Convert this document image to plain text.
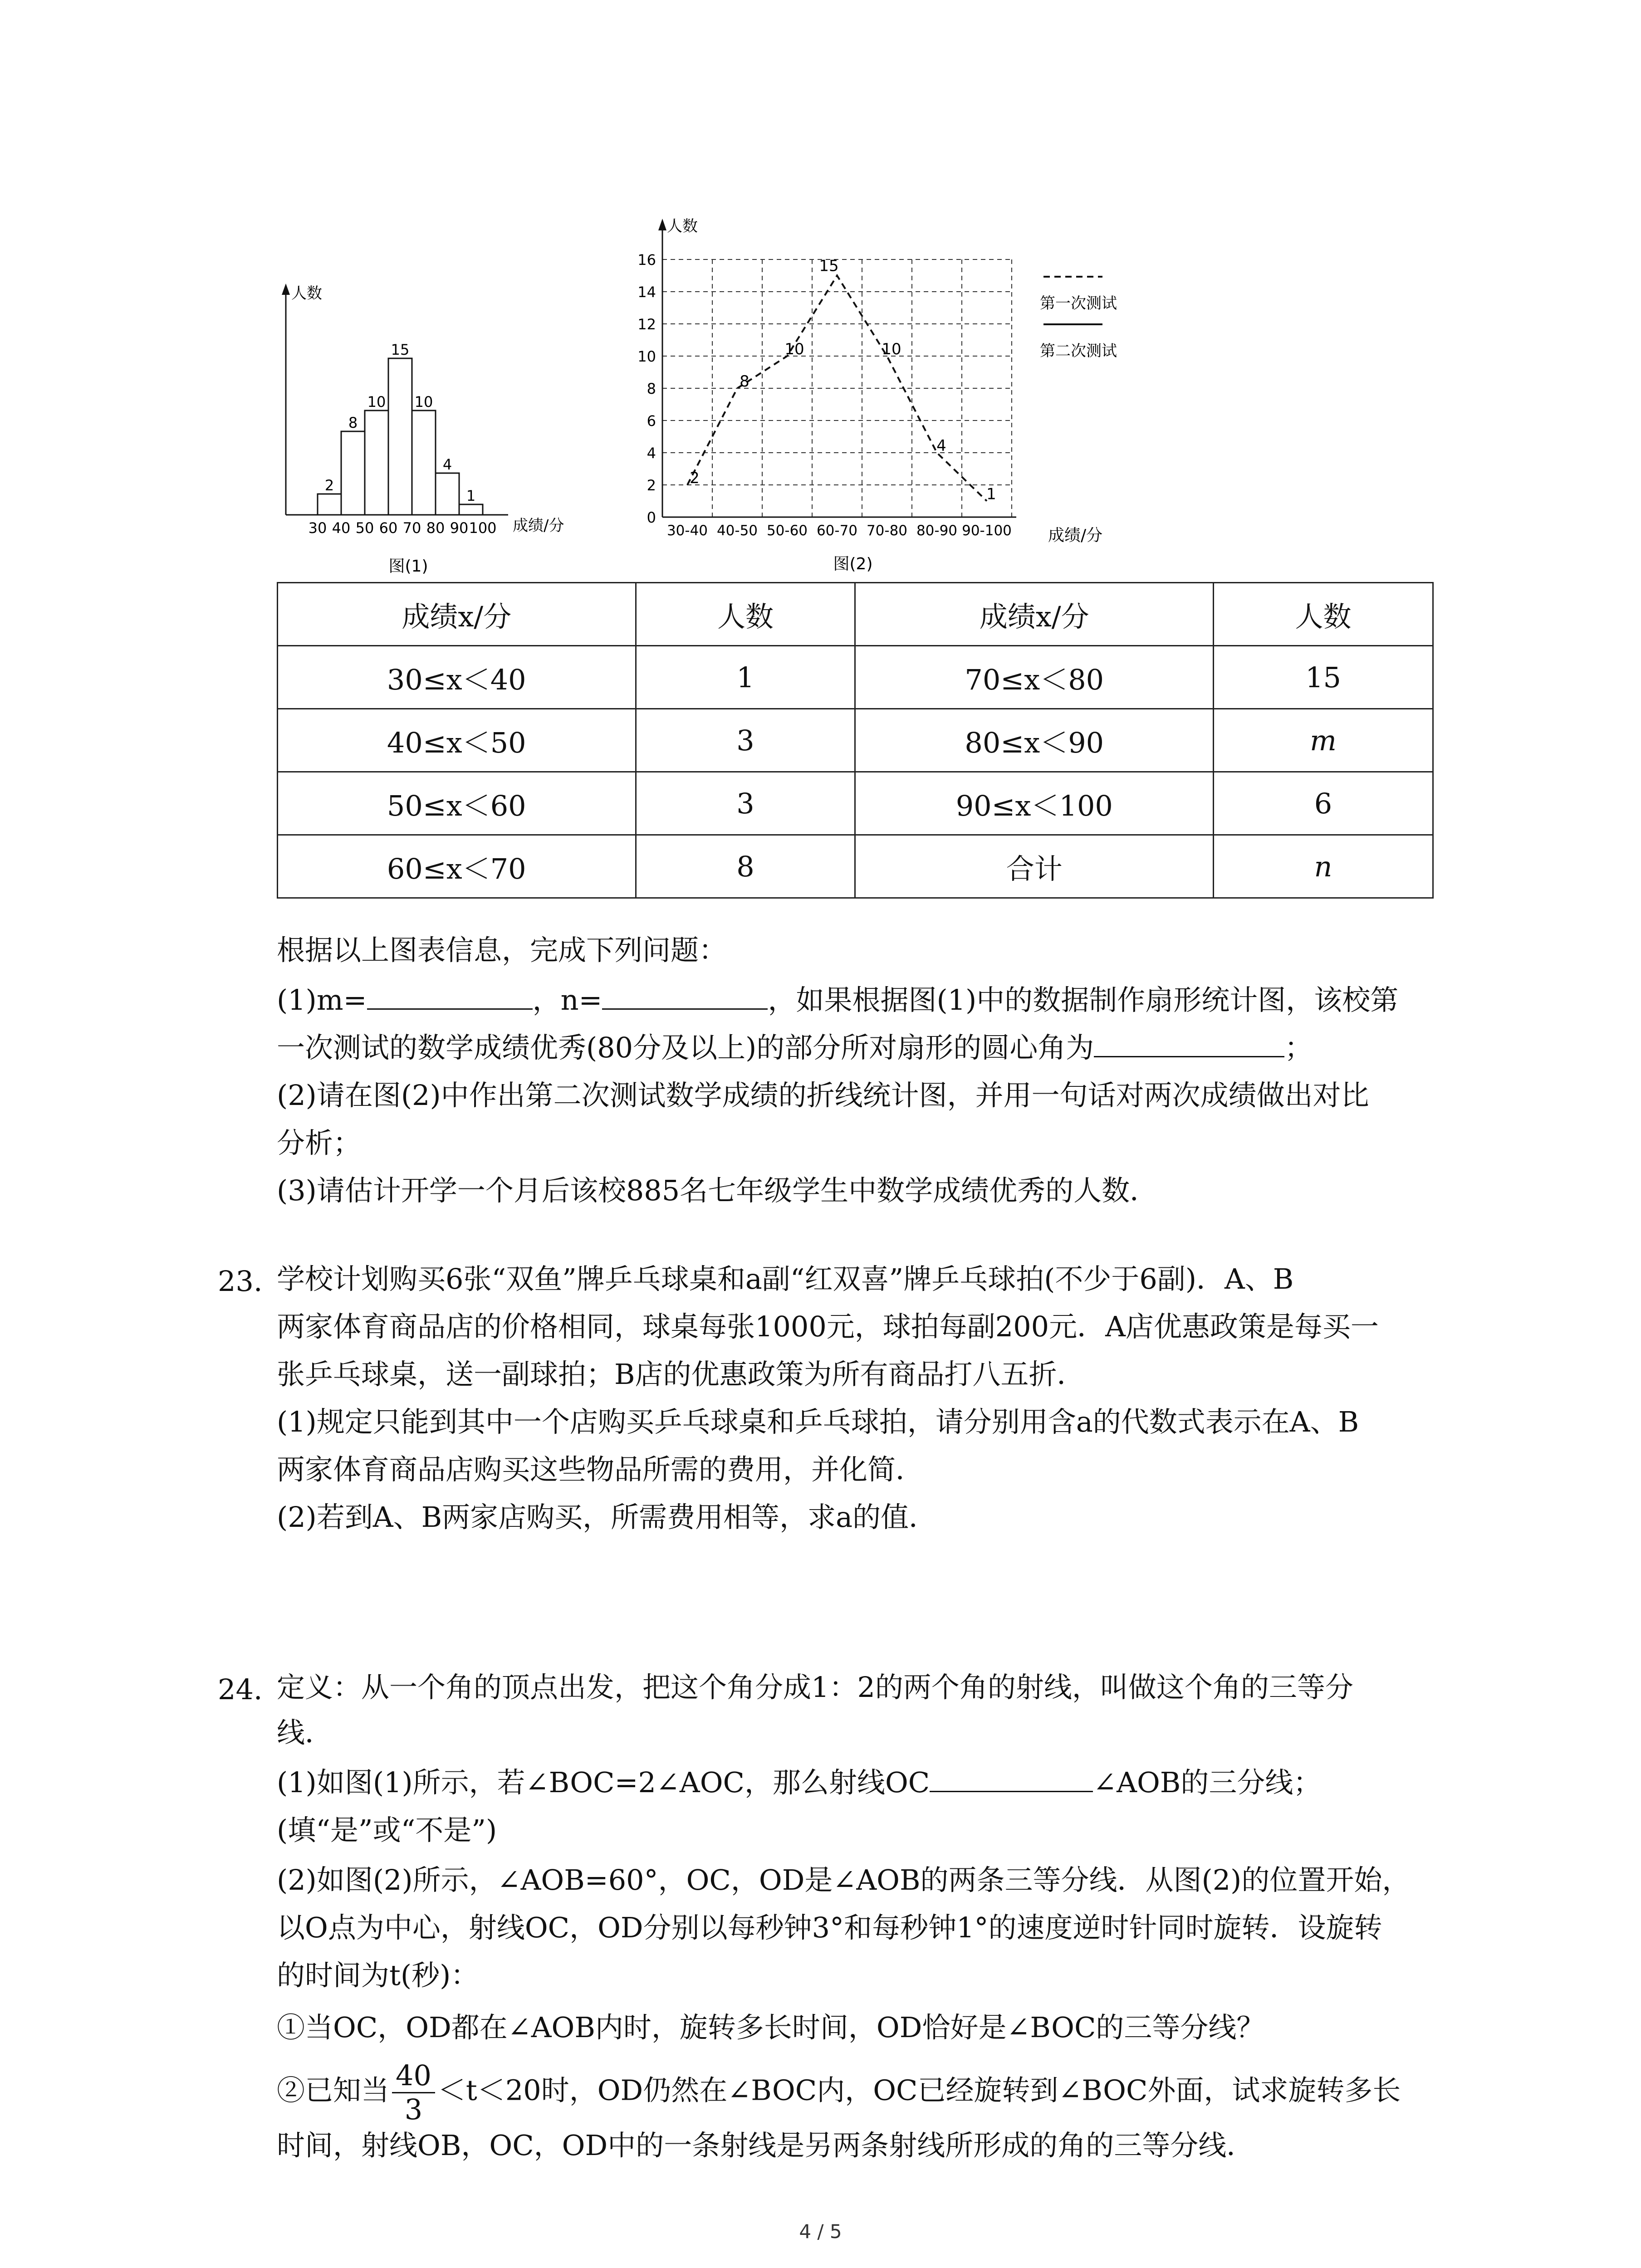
人数
成绩/分
2
8
10
15
10
4
1
30 40 50 60 70 80 90 100
图(1)
0
2
4
6
8
10
12
14
16
人数
成绩/分
30-40 40-50 50-60 60-70 70-80 80-90 90-100
2
8
10
15
10
4
1
第一次测试
第二次测试
图(2)
成绩x/分	人数	成绩x/分	人数
30≤x＜40	1	70≤x＜80	15
40≤x＜50	3	80≤x＜90	m
50≤x＜60	3	90≤x＜100	6
60≤x＜70	8	合计	n
根据以上图表信息，完成下列问题：
(1)m=	，n=	，如果根据图(1)中的数据制作扇形统计图，该校第
一次测试的数学成绩优秀(80分及以上)的部分所对扇形的圆心角为	；
(2)请在图(2)中作出第二次测试数学成绩的折线统计图，并用一句话对两次成绩做出对比
分析；
(3)请估计开学一个月后该校885名七年级学生中数学成绩优秀的人数．
23. 学校计划购买6张“双鱼”牌乒乓球桌和a副“红双喜”牌乒乓球拍(不少于6副)．A、B
两家体育商品店的价格相同，球桌每张1000元，球拍每副200元．A店优惠政策是每买一
张乒乓球桌，送一副球拍；B店的优惠政策为所有商品打八五折．
(1)规定只能到其中一个店购买乒乓球桌和乒乓球拍，请分别用含a的代数式表示在A、B
两家体育商品店购买这些物品所需的费用，并化简．
(2)若到A、B两家店购买，所需费用相等，求a的值．
24. 定义：从一个角的顶点出发，把这个角分成1：2的两个角的射线，叫做这个角的三等分
线．
(1)如图(1)所示，若∠BOC=2∠AOC，那么射线OC	∠AOB的三分线；
(填“是”或“不是”)
(2)如图(2)所示，∠AOB=60°，OC，OD是∠AOB的两条三等分线．从图(2)的位置开始，
以O点为中心，射线OC，OD分别以每秒钟3°和每秒钟1°的速度逆时针同时旋转．设旋转
的时间为t(秒)：
①当OC，OD都在∠AOB内时，旋转多长时间，OD恰好是∠BOC的三等分线？
②已知当 $\frac{40}{3} <t<20$时，OD仍然在∠BOC内，OC已经旋转到∠BOC外面，试求旋转多长
时间，射线OB，OC，OD中的一条射线是另两条射线所形成的角的三等分线．
4 / 5
